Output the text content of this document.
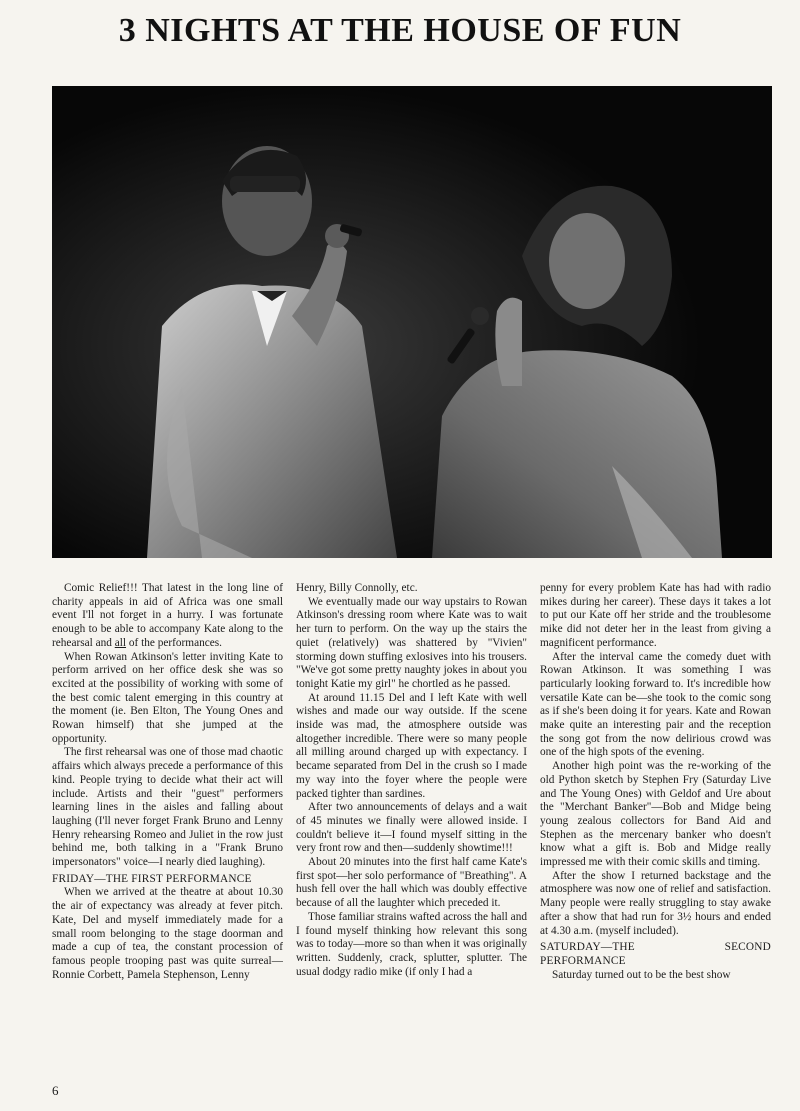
3 NIGHTS AT THE HOUSE OF FUN

Comic Relief!!! That latest in the long line of charity appeals in aid of Africa was one small event I'll not forget in a hurry. I was fortunate enough to be able to accompany Kate along to the rehearsal and all of the performances.

When Rowan Atkinson's letter inviting Kate to perform arrived on her office desk she was so excited at the possibility of working with some of the best comic talent emerging in this country at the moment (ie. Ben Elton, The Young Ones and Rowan himself) that she jumped at the opportunity.

The first rehearsal was one of those mad chaotic affairs which always precede a performance of this kind. People trying to decide what their act will include. Artists and their "guest" performers learning lines in the aisles and falling about laughing (I'll never forget Frank Bruno and Lenny Henry rehearsing Romeo and Juliet in the row just behind me, both talking in a "Frank Bruno impersonators" voice—I nearly died laughing).

FRIDAY—THE FIRST PERFORMANCE

When we arrived at the theatre at about 10.30 the air of expectancy was already at fever pitch. Kate, Del and myself immediately made for a small room belonging to the stage doorman and made a cup of tea, the constant procession of famous people trooping past was quite surreal—Ronnie Corbett, Pamela Stephenson, Lenny

Henry, Billy Connolly, etc.

We eventually made our way upstairs to Rowan Atkinson's dressing room where Kate was to wait her turn to perform. On the way up the stairs the quiet (relatively) was shattered by "Vivien" storming down stuffing exlosives into his trousers. "We've got some pretty naughty jokes in about you tonight Katie my girl" he chortled as he passed.

At around 11.15 Del and I left Kate with well wishes and made our way outside. If the scene inside was mad, the atmosphere outside was altogether incredible. There were so many people all milling around charged up with expectancy. I became separated from Del in the crush so I made my way into the foyer where the people were packed tighter than sardines.

After two announcements of delays and a wait of 45 minutes we finally were allowed inside. I couldn't believe it—I found myself sitting in the very front row and then—suddenly showtime!!!

About 20 minutes into the first half came Kate's first spot—her solo performance of "Breathing". A hush fell over the hall which was doubly effective because of all the laughter which preceded it.

Those familiar strains wafted across the hall and I found myself thinking how relevant this song was to today—more so than when it was originally written. Suddenly, crack, splutter, splutter. The usual dodgy radio mike (if only I had a

penny for every problem Kate has had with radio mikes during her career). These days it takes a lot to put our Kate off her stride and the troublesome mike did not deter her in the least from giving a magnificent performance.

After the interval came the comedy duet with Rowan Atkinson. It was something I was particularly looking forward to. It's incredible how versatile Kate can be—she took to the comic song as if she's been doing it for years. Kate and Rowan make quite an interesting pair and the reception the song got from the now delirious crowd was one of the high spots of the evening.

Another high point was the re-working of the old Python sketch by Stephen Fry (Saturday Live and The Young Ones) with Geldof and Ure about the "Merchant Banker"—Bob and Midge being young zealous collectors for Band Aid and Stephen as the mercenary banker who doesn't know what a gift is. Bob and Midge really impressed me with their comic skills and timing.

After the show I returned backstage and the atmosphere was now one of relief and satisfaction. Many people were really struggling to stay awake after a show that had run for 3½ hours and ended at 4.30 a.m. (myself included).

SATURDAY—THE SECOND PERFORMANCE

Saturday turned out to be the best show

6
